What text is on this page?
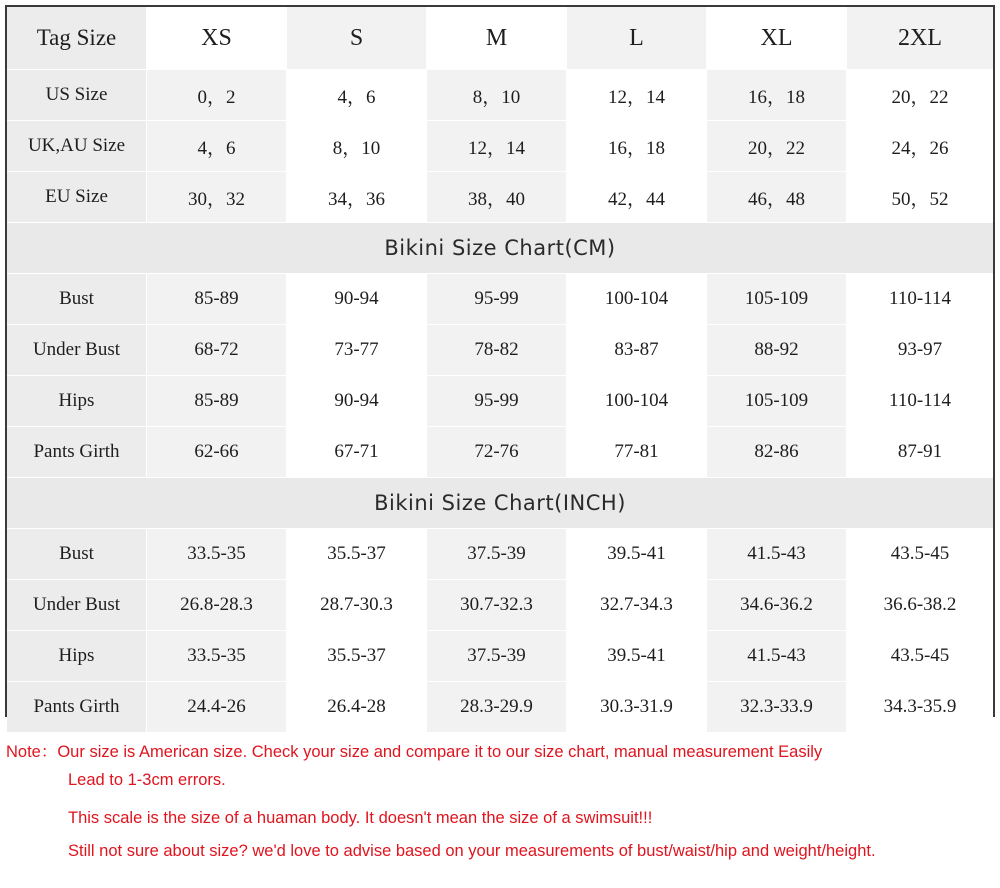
Tag Size	XS	S	M	L	XL	2XL
US Size	0，2	4，6	8，10	12，14	16，18	20，22
UK,AU Size	4，6	8，10	12，14	16，18	20，22	24，26
EU Size	30，32	34，36	38，40	42，44	46，48	50，52
Bikini Size Chart(CM)
Bust	85-89	90-94	95-99	100-104	105-109	110-114
Under Bust	68-72	73-77	78-82	83-87	88-92	93-97
Hips	85-89	90-94	95-99	100-104	105-109	110-114
Pants Girth	62-66	67-71	72-76	77-81	82-86	87-91
Bikini Size Chart(INCH)
Bust	33.5-35	35.5-37	37.5-39	39.5-41	41.5-43	43.5-45
Under Bust	26.8-28.3	28.7-30.3	30.7-32.3	32.7-34.3	34.6-36.2	36.6-38.2
Hips	33.5-35	35.5-37	37.5-39	39.5-41	41.5-43	43.5-45
Pants Girth	24.4-26	26.4-28	28.3-29.9	30.3-31.9	32.3-33.9	34.3-35.9
Note：Our size is American size. Check your size and compare it to our size chart, manual measurement Easily
Lead to 1-3cm errors.
This scale is the size of a huaman body. It doesn't mean the size of a swimsuit!!!
Still not sure about size? we'd love to advise based on your measurements of bust/waist/hip and weight/height.
